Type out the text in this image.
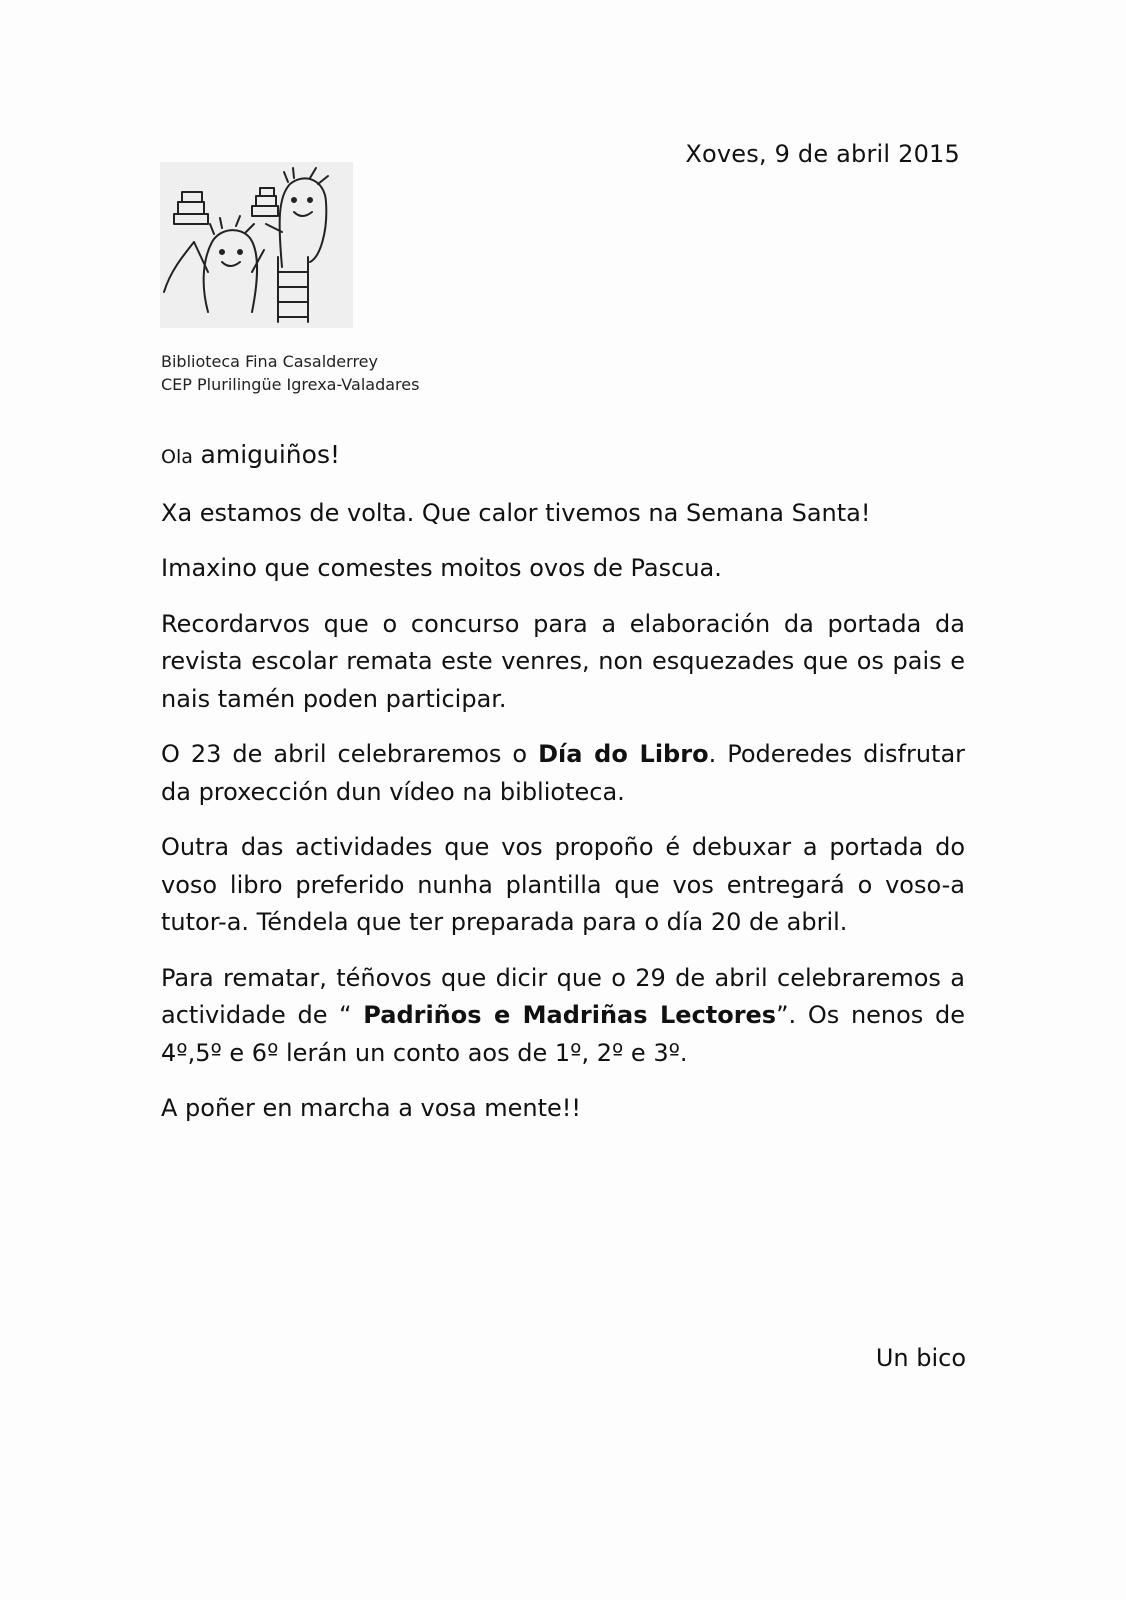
Xoves, 9 de abril 2015
Biblioteca Fina Casalderrey
CEP Plurilingüe Igrexa-Valadares

Ola amiguiños!

Xa estamos de volta. Que calor tivemos na Semana Santa!

Imaxino que comestes moitos ovos de Pascua.

Recordarvos que o concurso para a elaboración da portada da revista escolar remata este venres, non esquezades que os pais e nais tamén poden participar.

O 23 de abril celebraremos o Día do Libro. Poderedes disfrutar da proxección dun vídeo na biblioteca.

Outra das actividades que vos propoño é debuxar a portada do voso libro preferido nunha plantilla que vos entregará o voso-a tutor-a. Téndela que ter preparada para o día 20 de abril.

Para rematar, téñovos que dicir que o 29 de abril celebraremos a actividade de “ Padriños e Madriñas Lectores”. Os nenos de 4º,5º e 6º lerán un conto aos de 1º, 2º e 3º.

A poñer en marcha a vosa mente!!

Un bico
